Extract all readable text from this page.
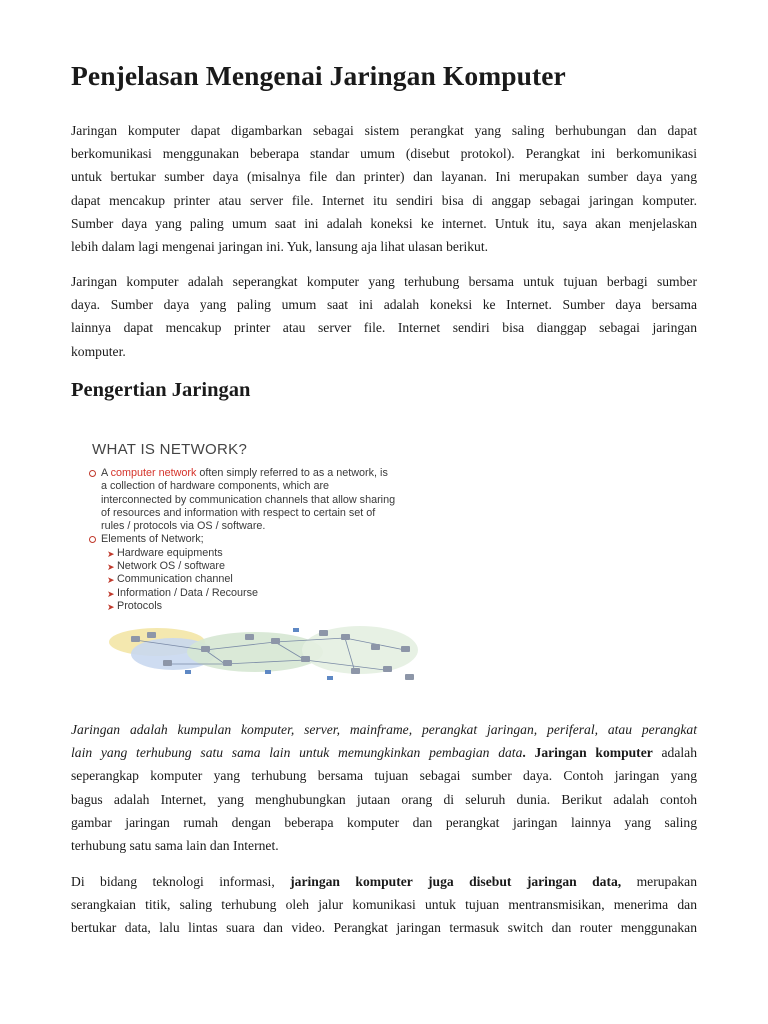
Penjelasan Mengenai Jaringan Komputer
Jaringan komputer dapat digambarkan sebagai sistem perangkat yang saling berhubungan dan dapat
berkomunikasi menggunakan beberapa standar umum (disebut protokol). Perangkat ini berkomunikasi
untuk bertukar sumber daya (misalnya file dan printer) dan layanan. Ini merupakan sumber daya yang
dapat mencakup printer atau server file. Internet itu sendiri bisa di anggap sebagai jaringan komputer.
Sumber daya yang paling umum saat ini adalah koneksi ke internet. Untuk itu, saya akan menjelaskan
lebih dalam lagi mengenai jaringan ini. Yuk, lansung aja lihat ulasan berikut.
Jaringan komputer adalah seperangkat komputer yang terhubung bersama untuk tujuan berbagi sumber
daya. Sumber daya yang paling umum saat ini adalah koneksi ke Internet. Sumber daya bersama
lainnya dapat mencakup printer atau server file. Internet sendiri bisa dianggap sebagai jaringan
komputer.
Pengertian Jaringan
WHAT IS NETWORK?
A computer network often simply referred to as a network, is
a collection of hardware components, which are
interconnected by communication channels that allow sharing
of resources and information with respect to certain set of
rules / protocols via OS / software.
Elements of Network;
➤ Hardware equipments
➤ Network OS / software
➤ Communication channel
➤ Information / Data / Recourse
➤ Protocols
Jaringan adalah kumpulan komputer, server, mainframe, perangkat jaringan, periferal, atau perangkat
lain yang terhubung satu sama lain untuk memungkinkan pembagian data. Jaringan komputer adalah
seperangkap komputer yang terhubung bersama tujuan sebagai sumber daya. Contoh jaringan yang
bagus adalah Internet, yang menghubungkan jutaan orang di seluruh dunia. Berikut adalah contoh
gambar jaringan rumah dengan beberapa komputer dan perangkat jaringan lainnya yang saling
terhubung satu sama lain dan Internet.
Di bidang teknologi informasi, jaringan komputer juga disebut jaringan data, merupakan
serangkaian titik, saling terhubung oleh jalur komunikasi untuk tujuan mentransmisikan, menerima dan
bertukar data, lalu lintas suara dan video. Perangkat jaringan termasuk switch dan router menggunakan
